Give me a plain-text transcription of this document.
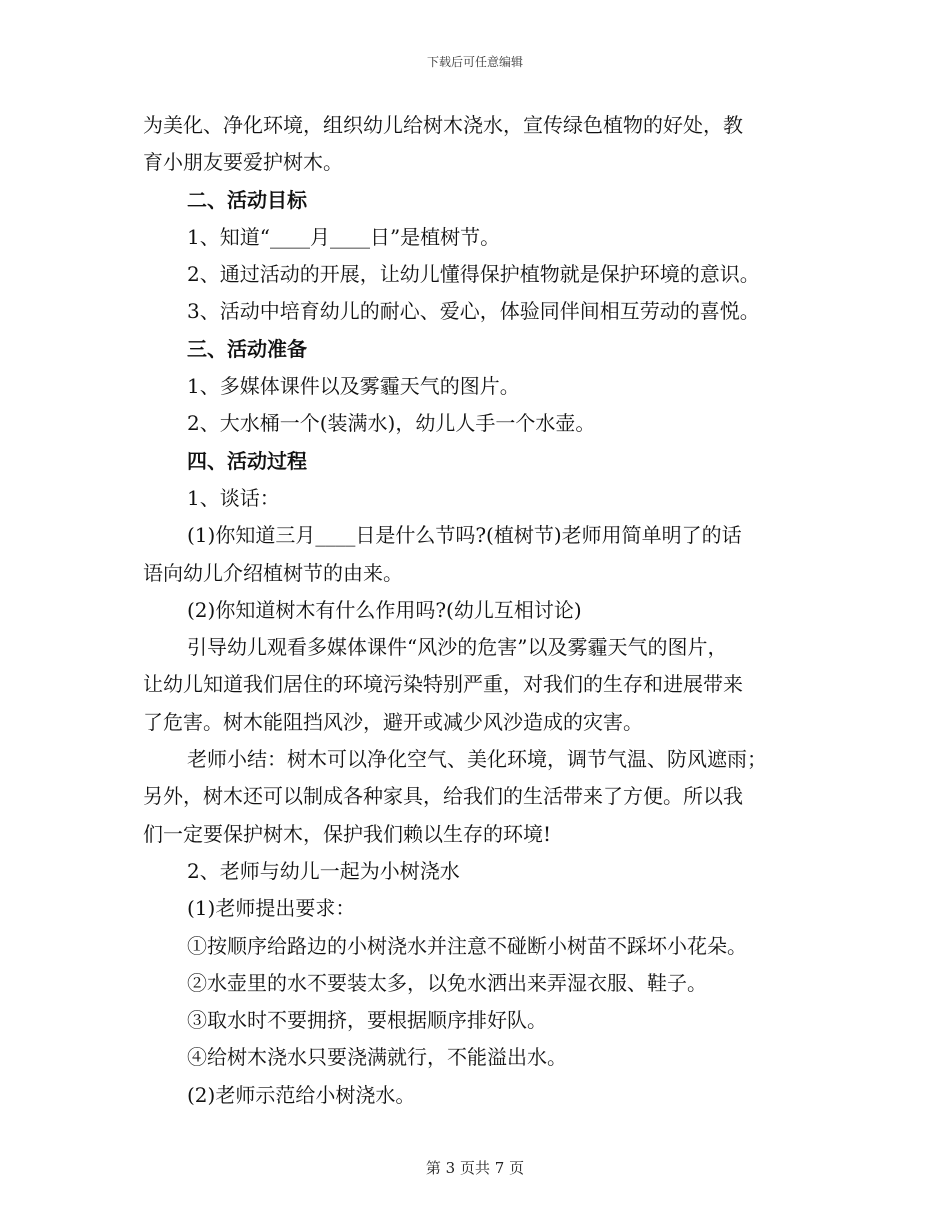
下载后可任意编辑
为美化、净化环境，组织幼儿给树木浇水，宣传绿色植物的好处，教
育小朋友要爱护树木。
二、活动目标
1、知道“____月____日”是植树节。
2、通过活动的开展，让幼儿懂得保护植物就是保护环境的意识。
3、活动中培育幼儿的耐心、爱心，体验同伴间相互劳动的喜悦。
三、活动准备
1、多媒体课件以及雾霾天气的图片。
2、大水桶一个(装满水)，幼儿人手一个水壶。
四、活动过程
1、谈话：
(1)你知道三月____日是什么节吗?(植树节)老师用简单明了的话
语向幼儿介绍植树节的由来。
(2)你知道树木有什么作用吗?(幼儿互相讨论)
引导幼儿观看多媒体课件“风沙的危害”以及雾霾天气的图片，
让幼儿知道我们居住的环境污染特别严重，对我们的生存和进展带来
了危害。树木能阻挡风沙，避开或减少风沙造成的灾害。
老师小结：树木可以净化空气、美化环境，调节气温、防风遮雨；
另外，树木还可以制成各种家具，给我们的生活带来了方便。所以我
们一定要保护树木，保护我们赖以生存的环境!
2、老师与幼儿一起为小树浇水
(1)老师提出要求：
①按顺序给路边的小树浇水并注意不碰断小树苗不踩坏小花朵。
②水壶里的水不要装太多，以免水洒出来弄湿衣服、鞋子。
③取水时不要拥挤，要根据顺序排好队。
④给树木浇水只要浇满就行，不能溢出水。
(2)老师示范给小树浇水。
第 3 页共 7 页
